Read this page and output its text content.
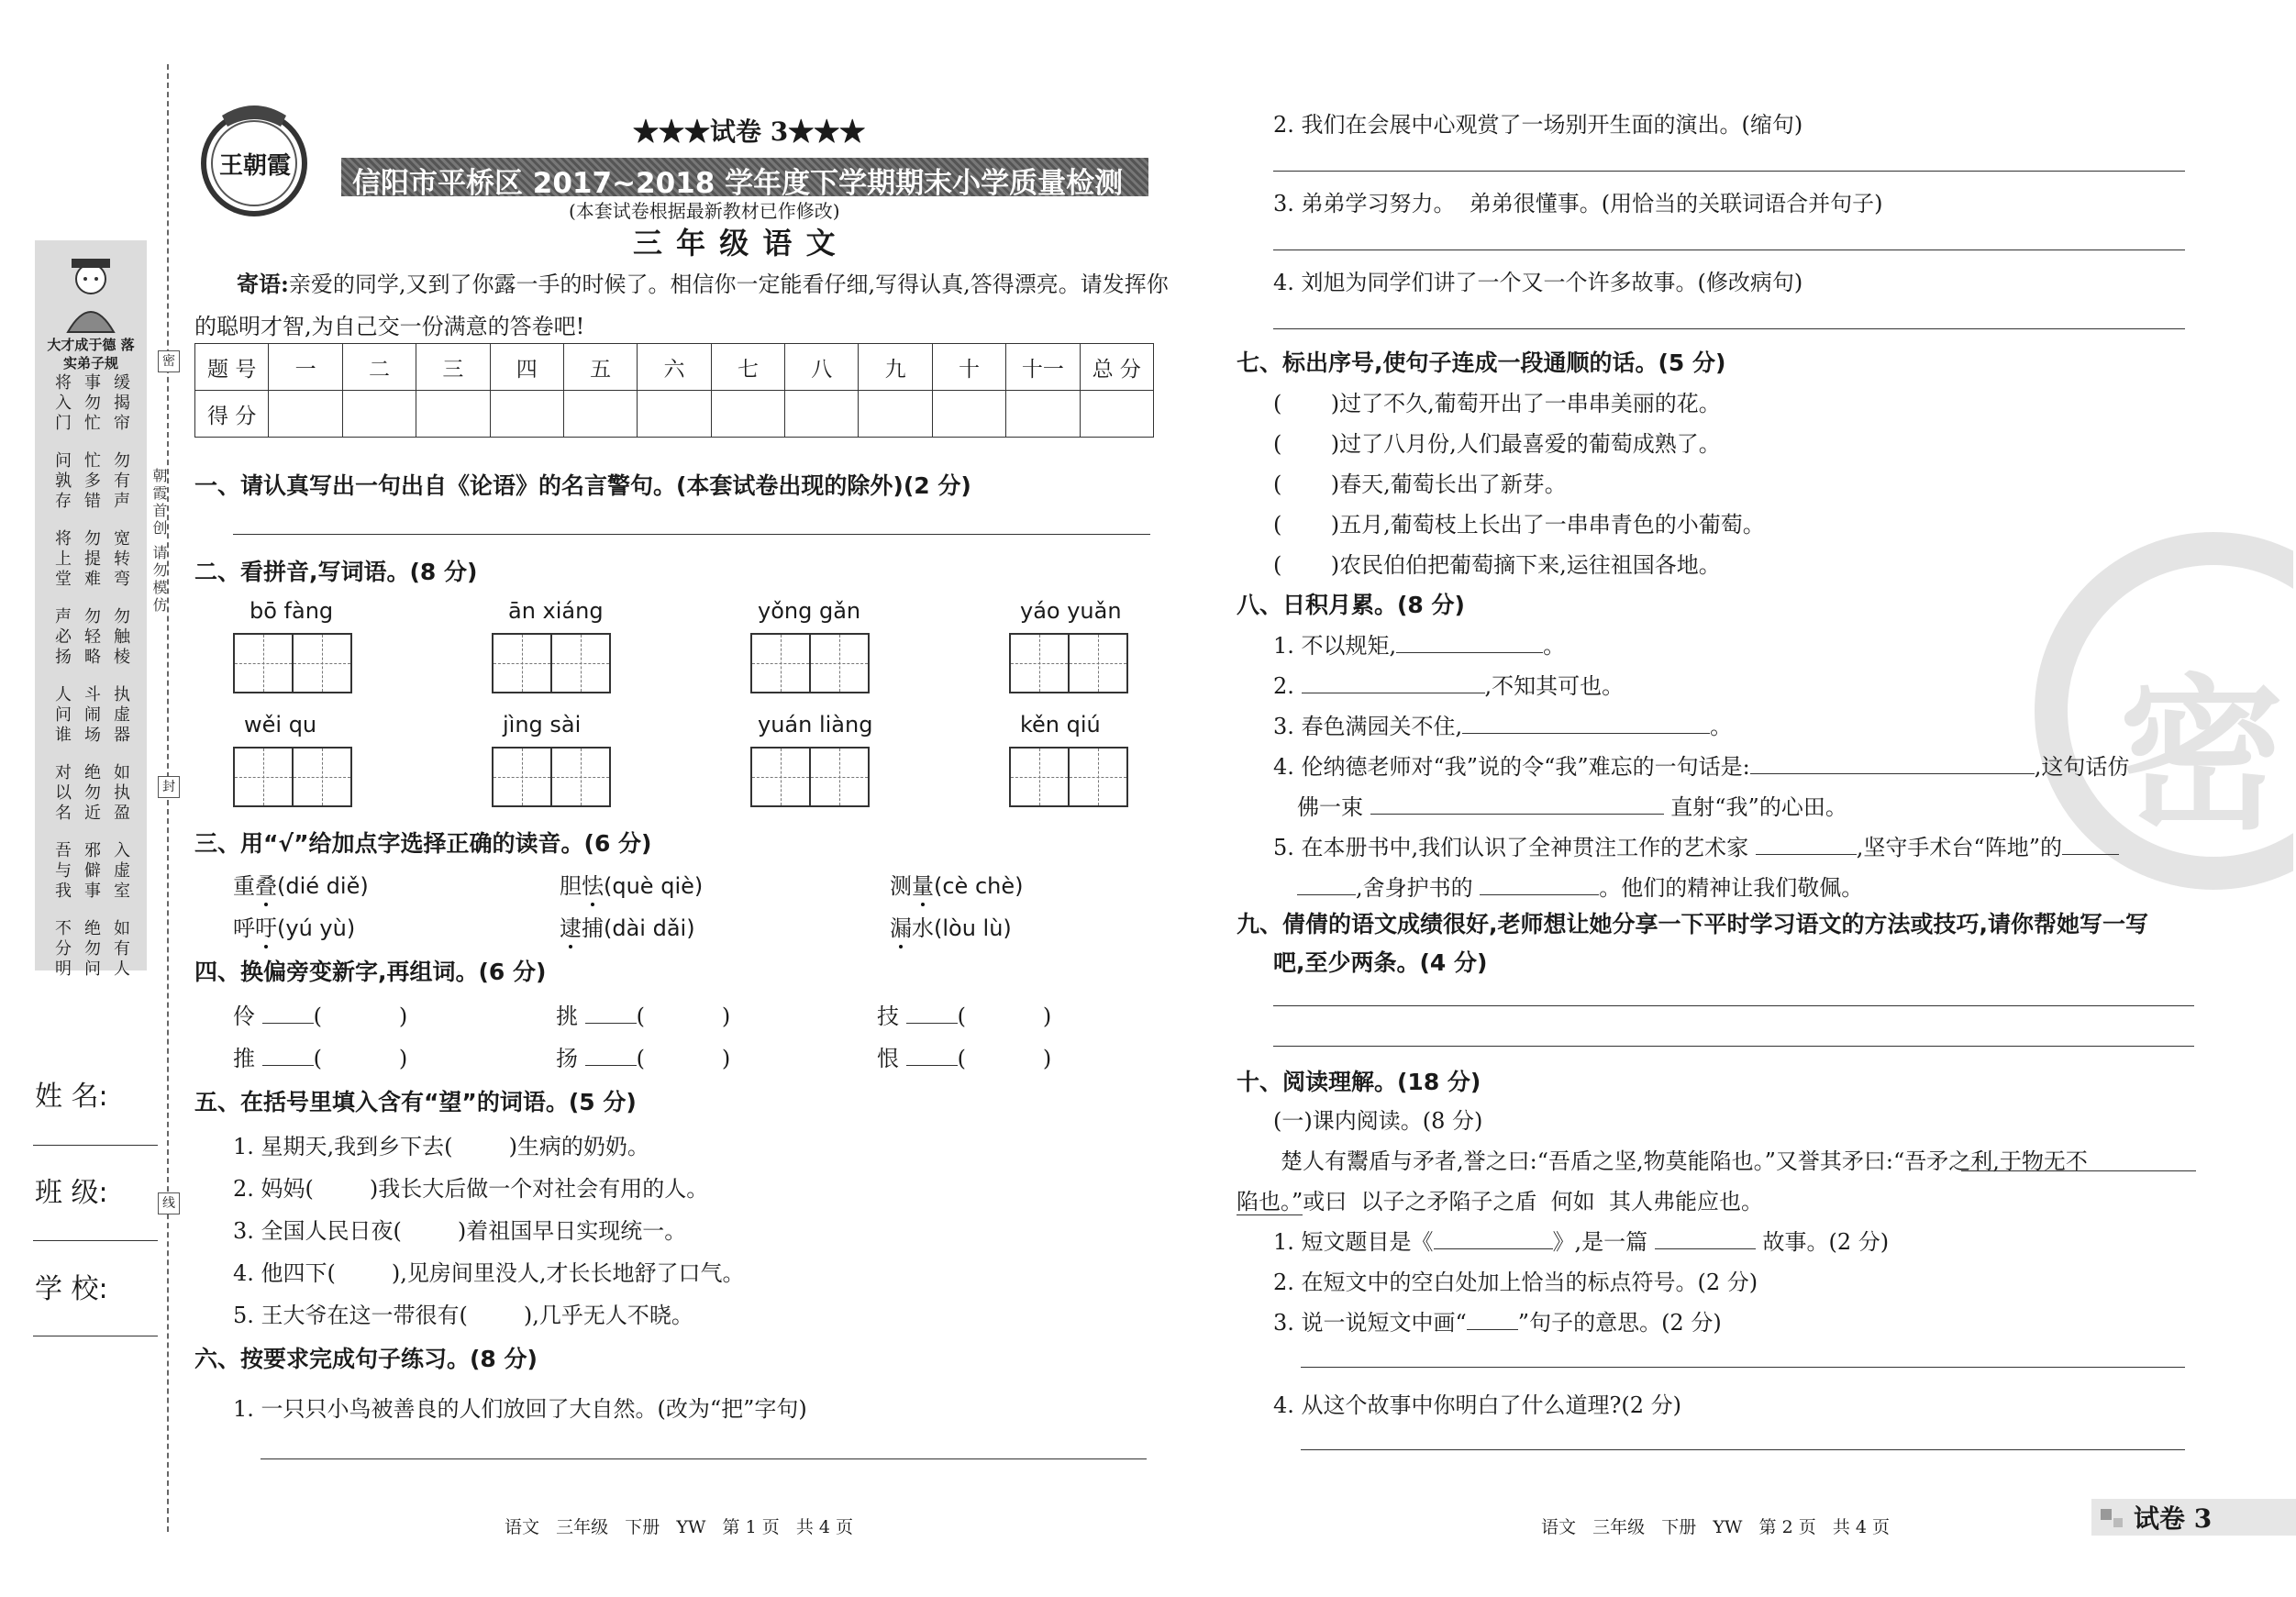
大才成于德 落实弟子规
将入门 事勿忙 缓揭帘
问孰存 忙多错 勿有声
将上堂 勿提难 宽转弯
声必扬 勿轻略 勿触棱
人问谁 斗闹场 执虚器
对以名 绝勿近 如执盈
吾与我 邪僻事 入虚室
不分明 绝勿问 如有人
朝霞首创 请勿模仿
密
封
线
姓 名:
班 级:
学 校:
王朝霞
★★★试卷 3★★★
信阳市平桥区 2017~2018 学年度下学期期末小学质量检测试卷	(本套试卷根据最新教材已作修改)
三 年 级 语 文
寄语:亲爱的同学,又到了你露一手的时候了。相信你一定能看仔细,写得认真,答得漂亮。请发挥你
的聪明才智,为自己交一份满意的答卷吧!
题 号	一	二	三	四	五	六	七	八	九	十	十一	总 分
得 分												
一、请认真写出一句出自《论语》的名言警句。(本套试卷出现的除外)(2 分)
二、看拼音,写词语。(8 分)
bō fàng	ān xiáng	yǒng gǎn	yáo yuǎn
wěi qu	jìng sài	yuán liàng	kěn qiú
三、用“√”给加点字选择正确的读音。(6 分)
重叠(dié diě)	胆怯(què qiè)	测量(cè chè)
呼吁(yú yù)	逮捕(dài dǎi)	漏水(lòu lù)
四、换偏旁变新字,再组词。(6 分)
伶	(           )	挑	(           )	技	(           )
推	(           )	扬	(           )	恨	(           )
五、在括号里填入含有“望”的词语。(5 分)
1. 星期天,我到乡下去(	)生病的奶奶。
2. 妈妈(	)我长大后做一个对社会有用的人。
3. 全国人民日夜(	)着祖国早日实现统一。
4. 他四下(	),见房间里没人,才长长地舒了口气。
5. 王大爷在这一带很有(	),几乎无人不晓。
六、按要求完成句子练习。(8 分)
1. 一只只小鸟被善良的人们放回了大自然。(改为“把”字句)
语文   三年级   下册   YW   第 1 页   共 4 页
2. 我们在会展中心观赏了一场别开生面的演出。(缩句)
3. 弟弟学习努力。  弟弟很懂事。(用恰当的关联词语合并句子)
4. 刘旭为同学们讲了一个又一个许多故事。(修改病句)
七、标出序号,使句子连成一段通顺的话。(5 分)
(       )过了不久,葡萄开出了一串串美丽的花。
(       )过了八月份,人们最喜爱的葡萄成熟了。
(       )春天,葡萄长出了新芽。
(       )五月,葡萄枝上长出了一串串青色的小葡萄。
(       )农民伯伯把葡萄摘下来,运往祖国各地。
密
八、日积月累。(8 分)
1. 不以规矩,	。
2.	,不知其可也。
3. 春色满园关不住,	。
4. 伦纳德老师对“我”说的令“我”难忘的一句话是:	,这句话仿
佛一束	直射“我”的心田。
5. 在本册书中,我们认识了全神贯注工作的艺术家	,坚守手术台“阵地”的
,舍身护书的	。他们的精神让我们敬佩。
九、倩倩的语文成绩很好,老师想让她分享一下平时学习语文的方法或技巧,请你帮她写一写
吧,至少两条。(4 分)
十、阅读理解。(18 分)
(一)课内阅读。(8 分)
楚人有鬻盾与矛者,誉之曰:“吾盾之坚,物莫能陷也。”又誉其矛曰:“吾矛之利,于物无不
陷也。”或曰  以子之矛陷子之盾  何如  其人弗能应也。
1. 短文题目是《	》,是一篇	故事。(2 分)
2. 在短文中的空白处加上恰当的标点符号。(2 分)
3. 说一说短文中画“ ”句子的意思。(2 分)
4. 从这个故事中你明白了什么道理?(2 分)
语文   三年级   下册   YW   第 2 页   共 4 页	试卷 3
